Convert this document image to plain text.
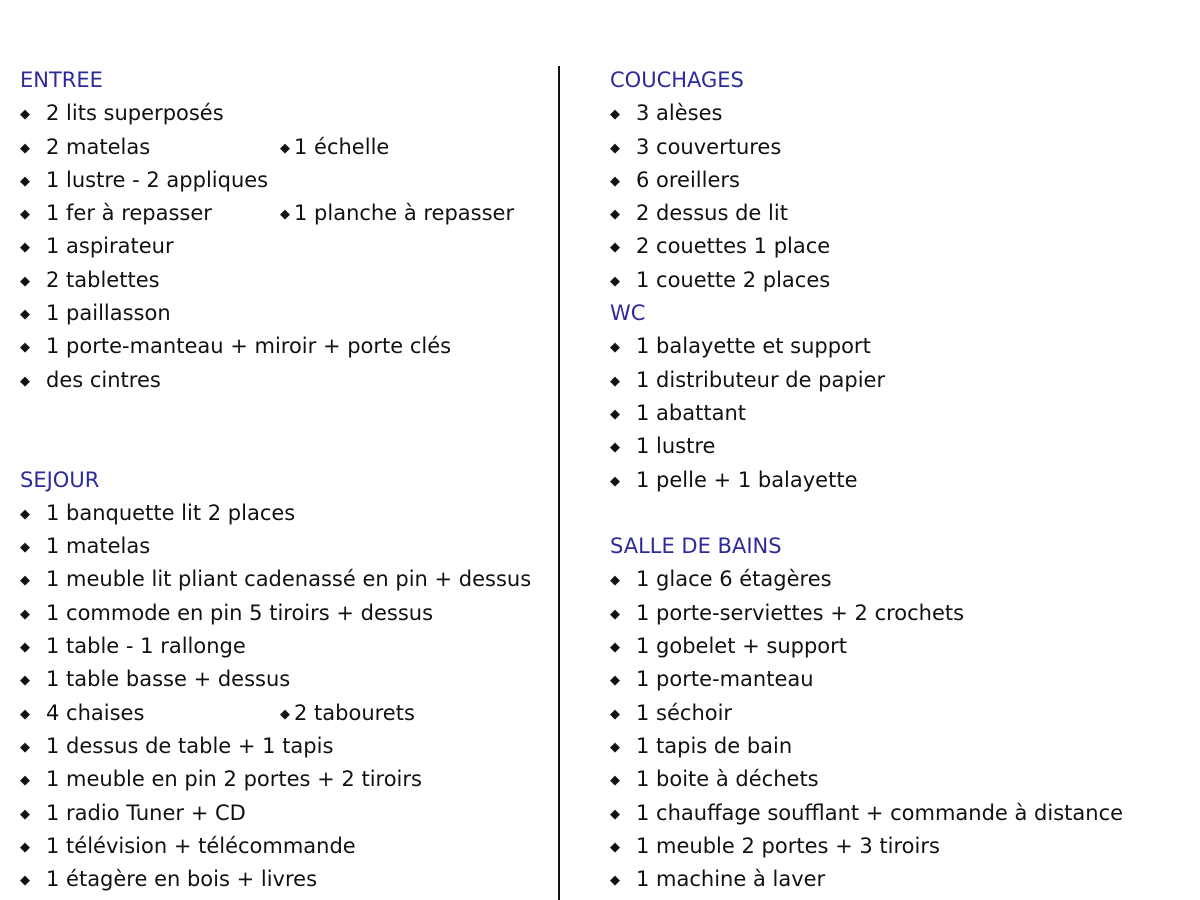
ENTREE
◆ 2 lits superposés
◆ 2 matelas	◆ 1 échelle
◆ 1 lustre - 2 appliques
◆ 1 fer à repasser	◆ 1 planche à repasser
◆ 1 aspirateur
◆ 2 tablettes
◆ 1 paillasson
◆ 1 porte-manteau + miroir + porte clés
◆ des cintres
SEJOUR
◆ 1 banquette lit 2 places
◆ 1 matelas
◆ 1 meuble lit pliant cadenassé en pin + dessus
◆ 1 commode en pin 5 tiroirs + dessus
◆ 1 table - 1 rallonge
◆ 1 table basse + dessus
◆ 4 chaises	◆ 2 tabourets
◆ 1 dessus de table + 1 tapis
◆ 1 meuble en pin 2 portes + 2 tiroirs
◆ 1 radio Tuner + CD
◆ 1 télévision + télécommande
◆ 1 étagère en bois + livres
COUCHAGES
◆ 3 alèses
◆ 3 couvertures
◆ 6 oreillers
◆ 2 dessus de lit
◆ 2 couettes 1 place
◆ 1 couette 2 places
WC
◆ 1 balayette et support
◆ 1 distributeur de papier
◆ 1 abattant
◆ 1 lustre
◆ 1 pelle + 1 balayette
SALLE DE BAINS
◆ 1 glace 6 étagères
◆ 1 porte-serviettes + 2 crochets
◆ 1 gobelet + support
◆ 1 porte-manteau
◆ 1 séchoir
◆ 1 tapis de bain
◆ 1 boite à déchets
◆ 1 chauffage soufflant + commande à distance
◆ 1 meuble 2 portes + 3 tiroirs
◆ 1 machine à laver
